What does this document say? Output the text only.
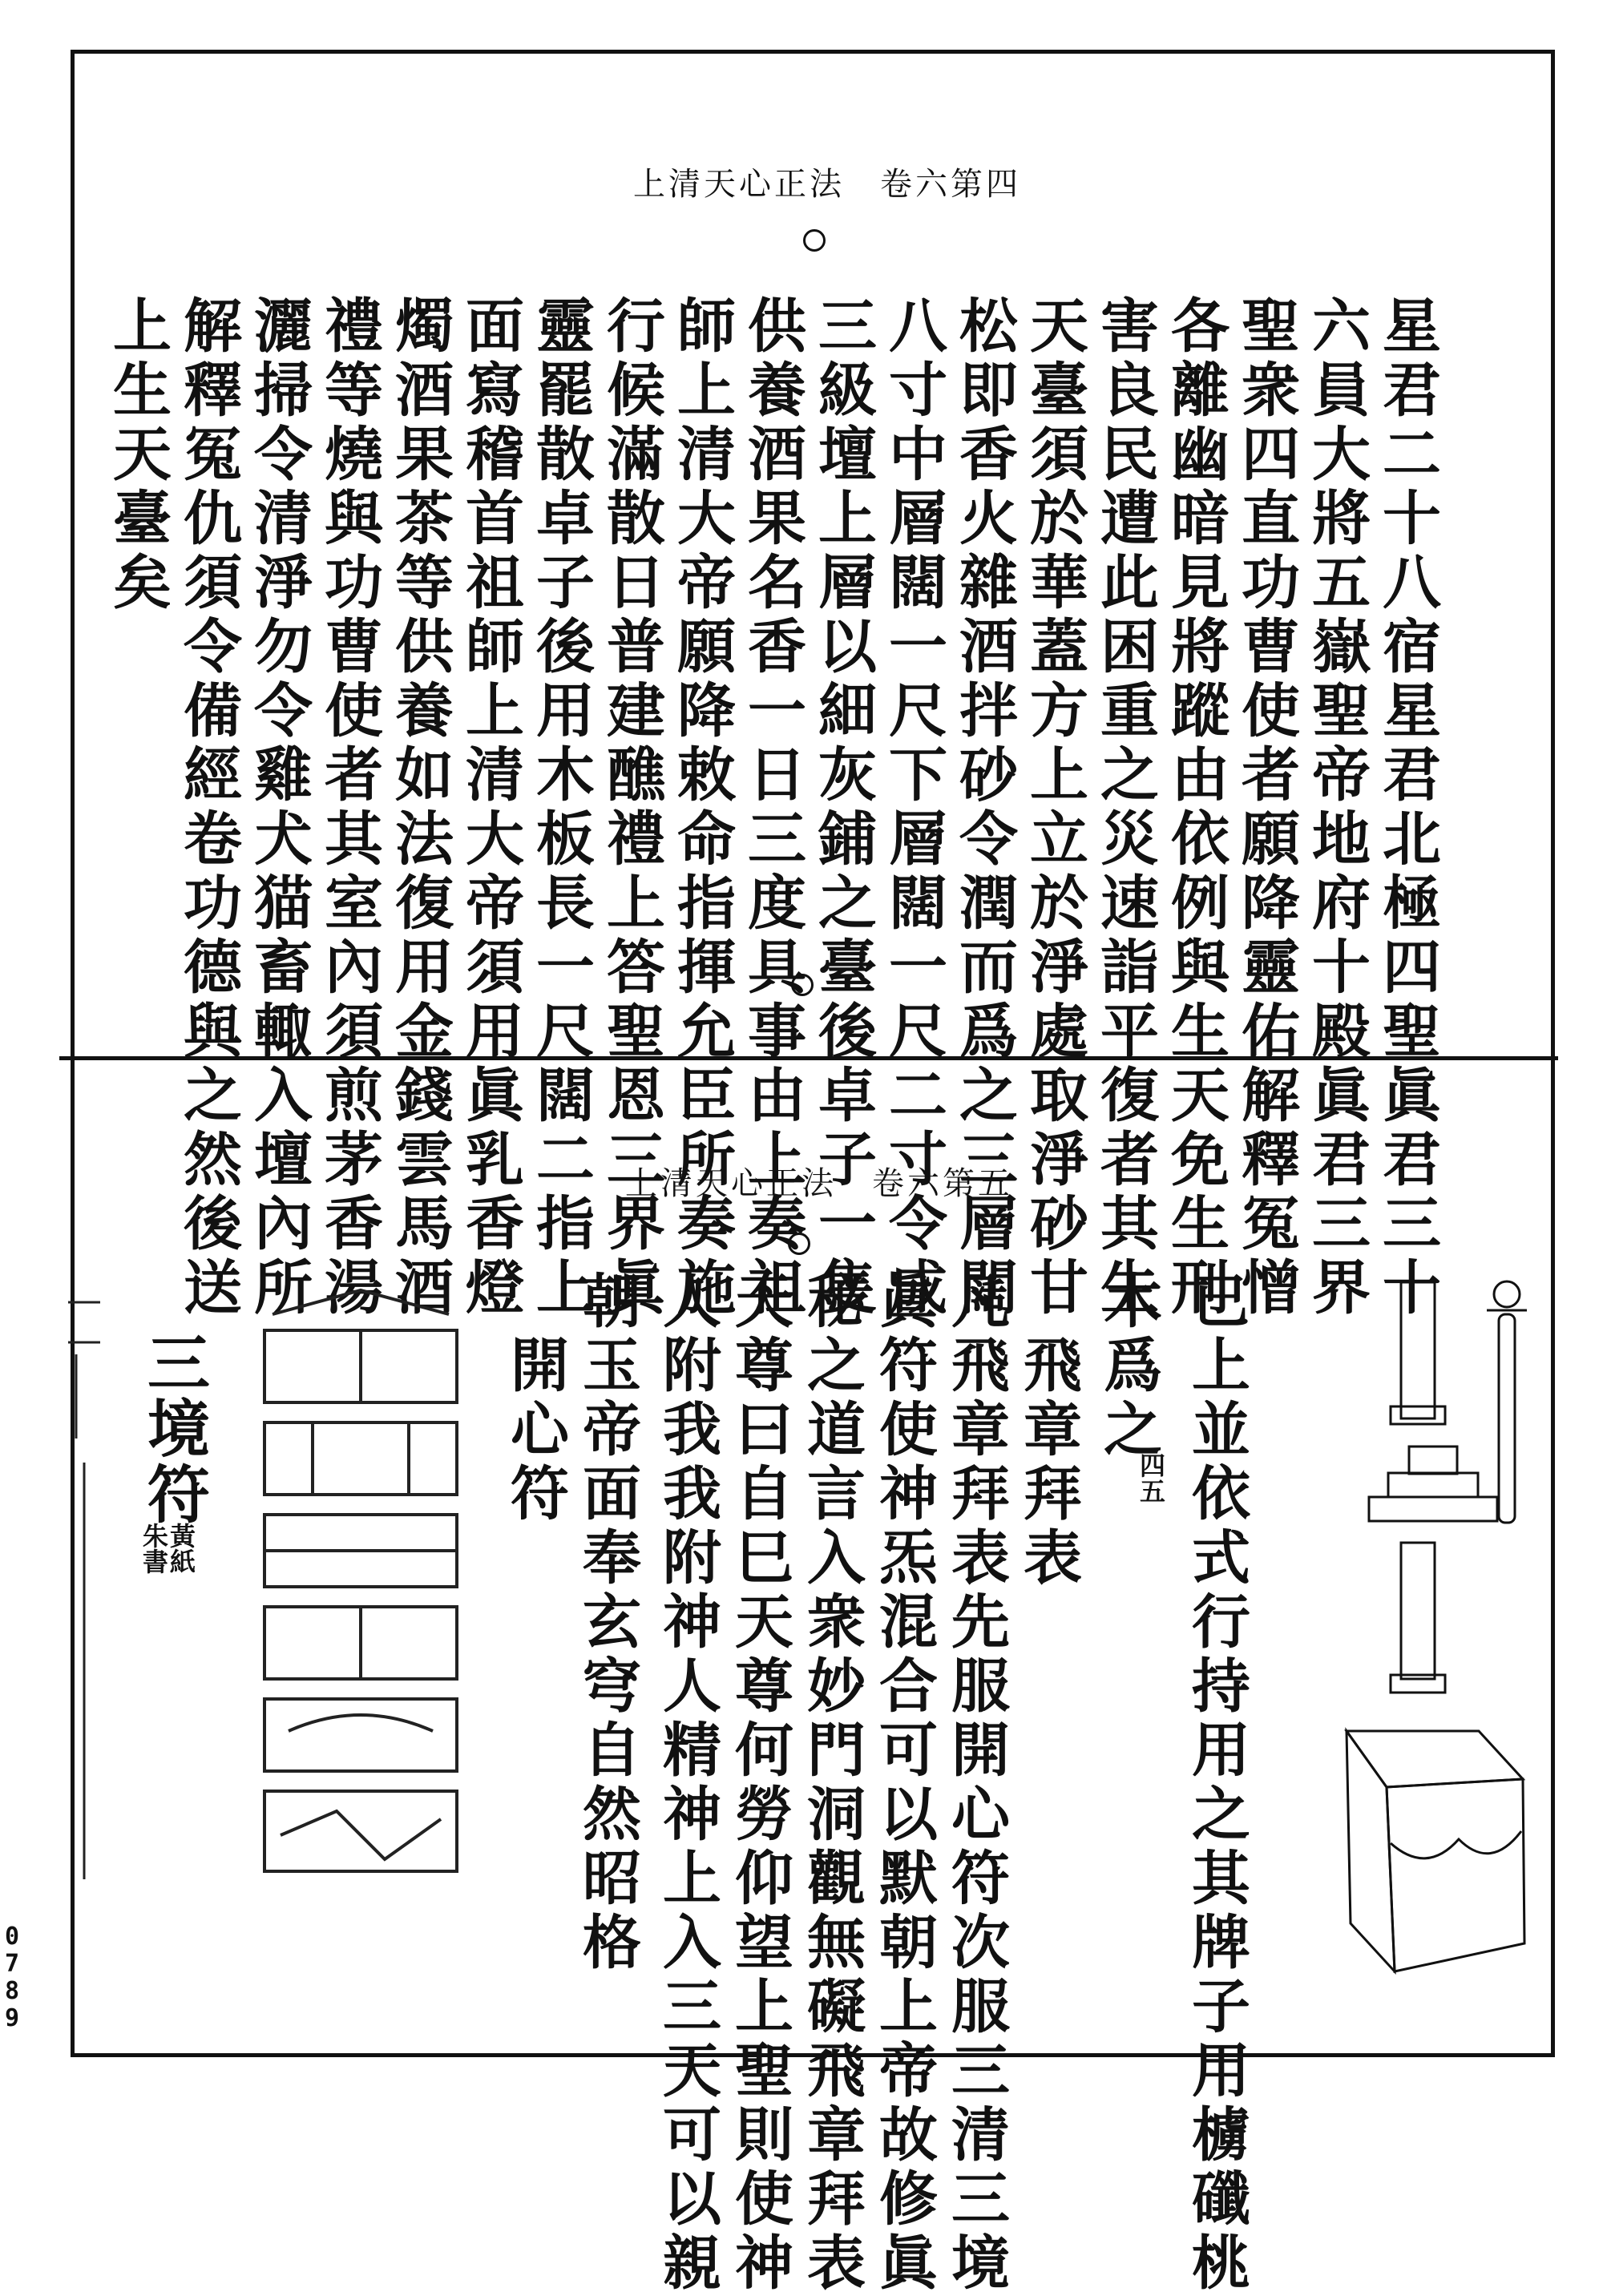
上清天心正法　卷六第四
星君二十八宿星君北極四聖眞君三十
六員大將五嶽聖帝地府十殿眞君三界
聖衆四直功曹使者願降靈佑解釋冤憎
各離幽暗見將蹤由依例與生天免生刑
害良民遭此困重之災速詣平復者其生
天臺須於華蓋方上立於淨處取淨砂甘
松即香火雜酒拌砂令潤而爲之三層闊
八寸中層闊一尺下層闊一尺二寸令成
三級壇上層以細灰鋪之臺後卓子一隻
供養酒果名香一日三度具事由上奏祖
師上清大帝願降敕命指揮允臣所奏施
行候滿散日普建醮禮上答聖恩三界眞
靈罷散卓子後用木板長一尺闊二指上
面寫稽首祖師上清大帝須用眞乳香燈
燭酒果茶等供養如法復用金錢雲馬酒
禮等燒與功曹使者其室內須煎茅香湯
灑掃令清淨勿令雞犬猫畜輙入壇內所
解釋冤仇須令備經卷功德與之然後送
上生天臺矣
上清天心正法　卷六第五
四五 已上並依式行持用之其牌子用㯭䃸桃
木爲之
　飛章拜表
凡飛章拜表先服開心符次服三清三境
眞符使神炁混合可以默朝上帝故修眞
秘之道言入衆妙門洞觀無礙飛章拜表
天尊曰自巳天尊何勞仰望上聖則使神
人附我我附神人精神上入三天可以親
朝玉帝面奉玄穹自然昭格
　開心符
三境符
黃紙
朱書
0
7
8
9
